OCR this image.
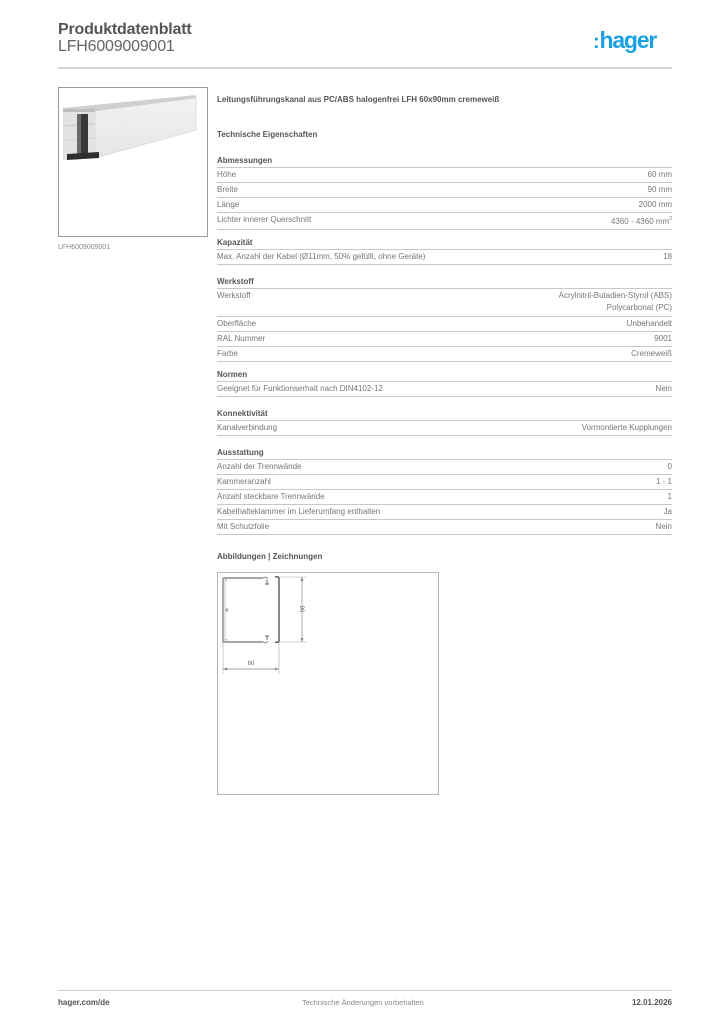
Produktdatenblatt
LFH6009009001	:hager
LFH6009009001
Leitungsführungskanal aus PC/ABS halogenfrei LFH 60x90mm cremeweiß
Technische Eigenschaften
Abmessungen
Höhe	60 mm
Breite	90 mm
Länge	2000 mm
Lichter innerer Querschnitt	4360 - 4360 $mm^2$
Kapazität
Max. Anzahl der Kabel (Ø11mm, 50% gefüllt, ohne Geräte)	18
Werkstoff
Werkstoff	Acrylnitril-Butadien-Styrol (ABS)
Polycarbonat (PC)
Oberfläche	Unbehandelt
RAL Nummer	9001
Farbe	Cremeweiß
Normen
Geeignet für Funktionserhalt nach DIN4102-12	Nein
Konnektivität
Kanalverbindung	Vormontierte Kupplungen
Ausstattung
Anzahl der Trennwände	0
Kammeranzahl	1 - 1
Anzahl steckbare Trennwände	1
Kabelhalteklammer im Lieferumfang enthalten	Ja
Mit Schutzfolie	Nein
Abbildungen | Zeichnungen
90
60
hager.com/de	Technische Änderungen vorbehalten	12.01.2026
